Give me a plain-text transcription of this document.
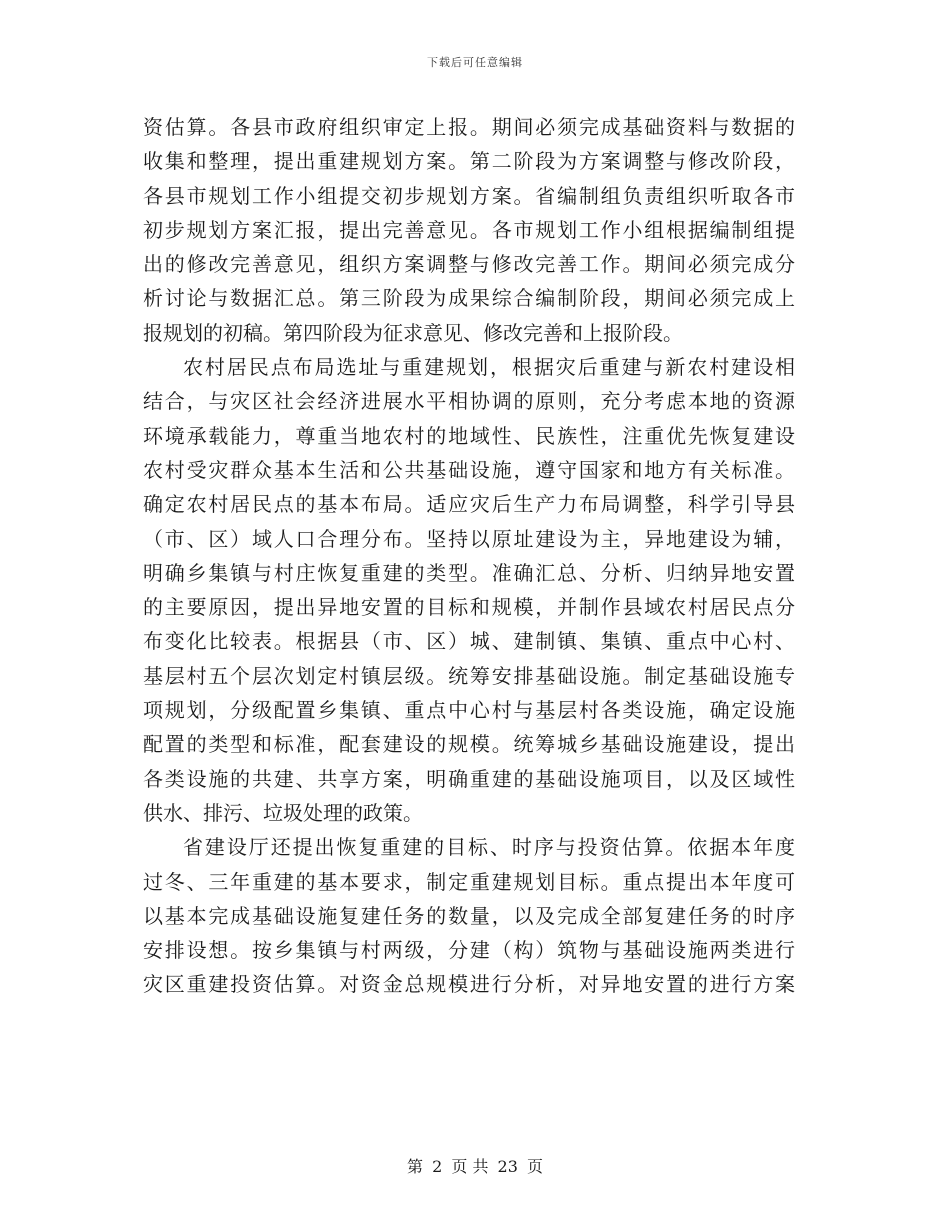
下载后可任意编辑
资估算。各县市政府组织审定上报。期间必须完成基础资料与数据的
收集和整理，提出重建规划方案。第二阶段为方案调整与修改阶段，
各县市规划工作小组提交初步规划方案。省编制组负责组织听取各市
初步规划方案汇报，提出完善意见。各市规划工作小组根据编制组提
出的修改完善意见，组织方案调整与修改完善工作。期间必须完成分
析讨论与数据汇总。第三阶段为成果综合编制阶段，期间必须完成上
报规划的初稿。第四阶段为征求意见、修改完善和上报阶段。
农村居民点布局选址与重建规划，根据灾后重建与新农村建设相
结合，与灾区社会经济进展水平相协调的原则，充分考虑本地的资源
环境承载能力，尊重当地农村的地域性、民族性，注重优先恢复建设
农村受灾群众基本生活和公共基础设施，遵守国家和地方有关标准。
确定农村居民点的基本布局。适应灾后生产力布局调整，科学引导县
（市、区）域人口合理分布。坚持以原址建设为主，异地建设为辅，
明确乡集镇与村庄恢复重建的类型。准确汇总、分析、归纳异地安置
的主要原因，提出异地安置的目标和规模，并制作县域农村居民点分
布变化比较表。根据县（市、区）城、建制镇、集镇、重点中心村、
基层村五个层次划定村镇层级。统筹安排基础设施。制定基础设施专
项规划，分级配置乡集镇、重点中心村与基层村各类设施，确定设施
配置的类型和标准，配套建设的规模。统筹城乡基础设施建设，提出
各类设施的共建、共享方案，明确重建的基础设施项目，以及区域性
供水、排污、垃圾处理的政策。
省建设厅还提出恢复重建的目标、时序与投资估算。依据本年度
过冬、三年重建的基本要求，制定重建规划目标。重点提出本年度可
以基本完成基础设施复建任务的数量，以及完成全部复建任务的时序
安排设想。按乡集镇与村两级，分建（构）筑物与基础设施两类进行
灾区重建投资估算。对资金总规模进行分析，对异地安置的进行方案
第 2 页 共 23 页
